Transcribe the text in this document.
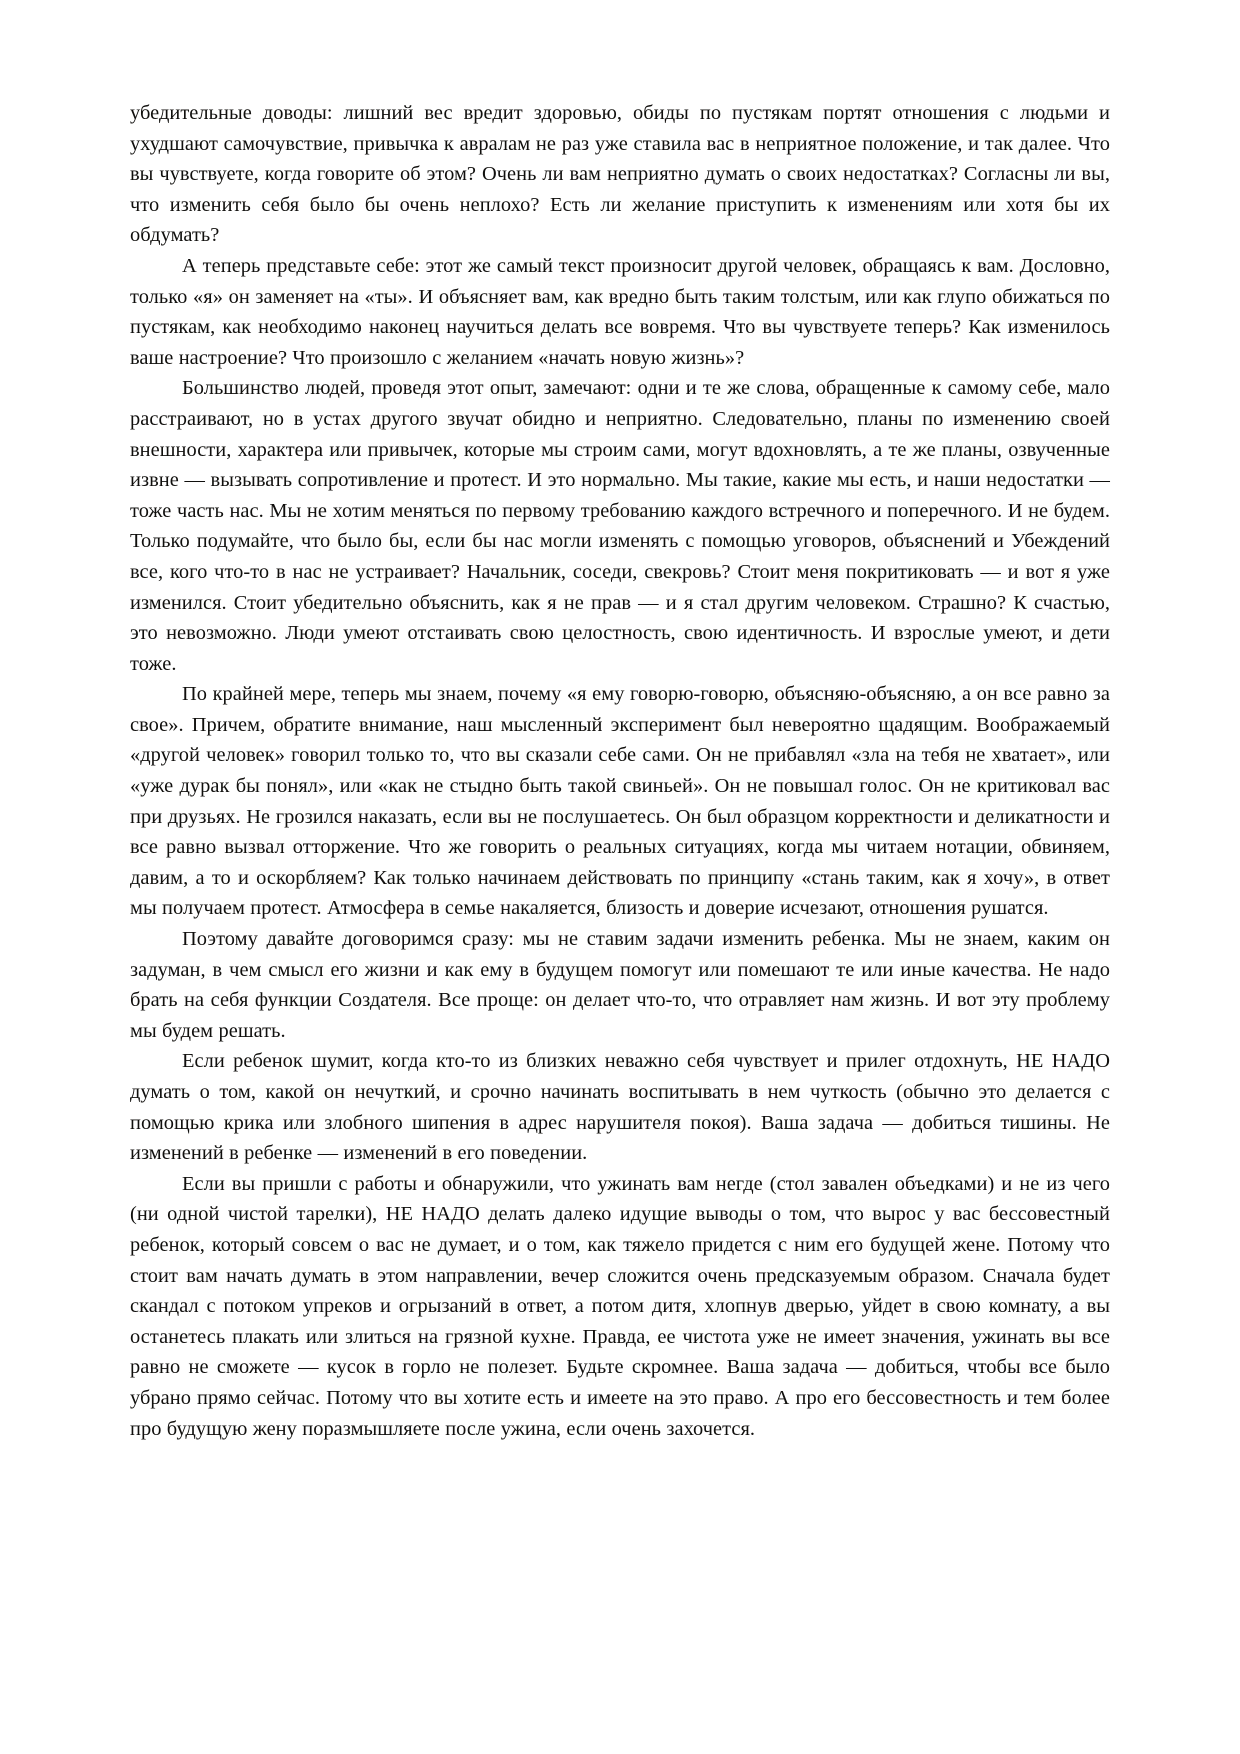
убедительные доводы: лишний вес вредит здоровью, обиды по пустякам портят отношения с людьми и ухудшают самочувствие, привычка к авралам не раз уже ставила вас в неприятное положение, и так далее. Что вы чувствуете, когда говорите об этом? Очень ли вам неприятно думать о своих недостатках? Согласны ли вы, что изменить себя было бы очень неплохо? Есть ли желание приступить к изменениям или хотя бы их обдумать?

А теперь представьте себе: этот же самый текст произносит другой человек, обращаясь к вам. Дословно, только «я» он заменяет на «ты». И объясняет вам, как вредно быть таким толстым, или как глупо обижаться по пустякам, как необходимо наконец научиться делать все вовремя. Что вы чувствуете теперь? Как изменилось ваше настроение? Что произошло с желанием «начать новую жизнь»?

Большинство людей, проведя этот опыт, замечают: одни и те же слова, обращенные к самому себе, мало расстраивают, но в устах другого звучат обидно и неприятно. Следовательно, планы по изменению своей внешности, характера или привычек, которые мы строим сами, могут вдохновлять, а те же планы, озвученные извне — вызывать сопротивление и протест. И это нормально. Мы такие, какие мы есть, и наши недостатки — тоже часть нас. Мы не хотим меняться по первому требованию каждого встречного и поперечного. И не будем. Только подумайте, что было бы, если бы нас могли изменять с помощью уговоров, объяснений и Убеждений все, кого что-то в нас не устраивает? Начальник, соседи, свекровь? Стоит меня покритиковать — и вот я уже изменился. Стоит убедительно объяснить, как я не прав — и я стал другим человеком. Страшно? К счастью, это невозможно. Люди умеют отстаивать свою целостность, свою идентичность. И взрослые умеют, и дети тоже.

По крайней мере, теперь мы знаем, почему «я ему говорю-говорю, объясняю-объясняю, а он все равно за свое». Причем, обратите внимание, наш мысленный эксперимент был невероятно щадящим. Воображаемый «другой человек» говорил только то, что вы сказали себе сами. Он не прибавлял «зла на тебя не хватает», или «уже дурак бы понял», или «как не стыдно быть такой свиньей». Он не повышал голос. Он не критиковал вас при друзьях. Не грозился наказать, если вы не послушаетесь. Он был образцом корректности и деликатности и все равно вызвал отторжение. Что же говорить о реальных ситуациях, когда мы читаем нотации, обвиняем, давим, а то и оскорбляем? Как только начинаем действовать по принципу «стань таким, как я хочу», в ответ мы получаем протест. Атмосфера в семье накаляется, близость и доверие исчезают, отношения рушатся.

Поэтому давайте договоримся сразу: мы не ставим задачи изменить ребенка. Мы не знаем, каким он задуман, в чем смысл его жизни и как ему в будущем помогут или помешают те или иные качества. Не надо брать на себя функции Создателя. Все проще: он делает что-то, что отравляет нам жизнь. И вот эту проблему мы будем решать.

Если ребенок шумит, когда кто-то из близких неважно себя чувствует и прилег отдохнуть, НЕ НАДО думать о том, какой он нечуткий, и срочно начинать воспитывать в нем чуткость (обычно это делается с помощью крика или злобного шипения в адрес нарушителя покоя). Ваша задача — добиться тишины. Не изменений в ребенке — изменений в его поведении.

Если вы пришли с работы и обнаружили, что ужинать вам негде (стол завален объедками) и не из чего (ни одной чистой тарелки), НЕ НАДО делать далеко идущие выводы о том, что вырос у вас бессовестный ребенок, который совсем о вас не думает, и о том, как тяжело придется с ним его будущей жене. Потому что стоит вам начать думать в этом направлении, вечер сложится очень предсказуемым образом. Сначала будет скандал с потоком упреков и огрызаний в ответ, а потом дитя, хлопнув дверью, уйдет в свою комнату, а вы останетесь плакать или злиться на грязной кухне. Правда, ее чистота уже не имеет значения, ужинать вы все равно не сможете — кусок в горло не полезет. Будьте скромнее. Ваша задача — добиться, чтобы все было убрано прямо сейчас. Потому что вы хотите есть и имеете на это право. А про его бессовестность и тем более про будущую жену поразмышляете после ужина, если очень захочется.
